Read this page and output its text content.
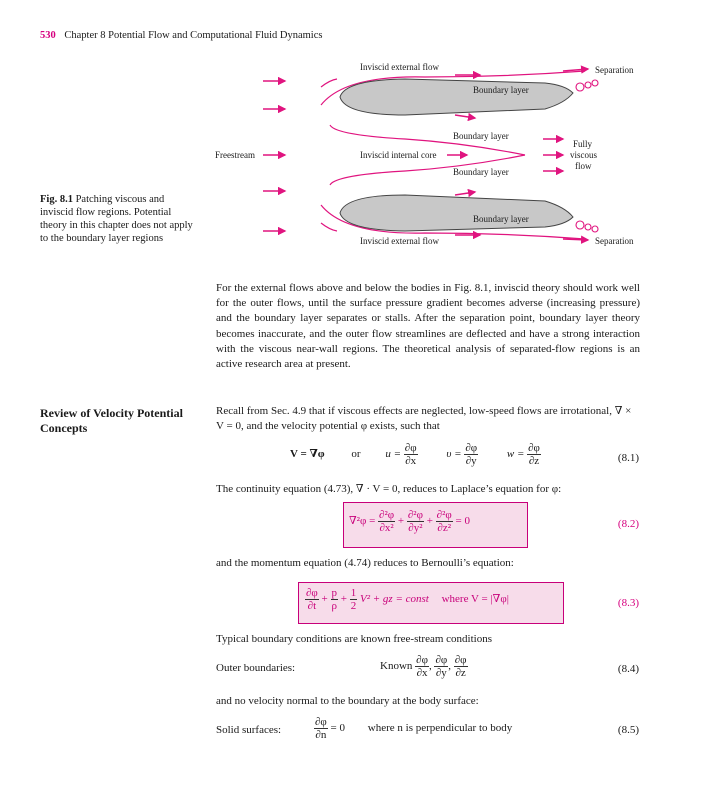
530 Chapter 8 Potential Flow and Computational Fluid Dynamics
Inviscid external flow	Separation
Boundary layer
Boundary layer
Freestream	Inviscid internal core
Fully
viscous
flow
Boundary layer
Boundary layer
Inviscid external flow	Separation
Fig. 8.1 Patching viscous and inviscid flow regions. Potential theory in this chapter does not apply to the boundary layer regions
For the external flows above and below the bodies in Fig. 8.1, inviscid theory should work well for the outer flows, until the surface pressure gradient becomes adverse (increasing pressure) and the boundary layer separates or stalls. After the separation point, boundary layer theory becomes inaccurate, and the outer flow streamlines are deflected and have a strong interaction with the viscous near-wall regions. The theoretical analysis of separated-flow regions is an active research area at present.
Review of Velocity Potential Concepts
Recall from Sec. 4.9 that if viscous effects are neglected, low-speed flows are irrotational, ∇ × V = 0, and the velocity potential φ exists, such that
V = ∇φ or $u = \frac{\partial\varphi}{\partial x}$	$\upsilon = \frac{\partial\varphi}{\partial y}$	$w = \frac{\partial\varphi}{\partial z}$	(8.1)
The continuity equation (4.73), ∇ · V = 0, reduces to Laplace’s equation for φ:
$\nabla^2\varphi = \frac{\text{∂²φ}}{\text{∂x²}} + \frac{\text{∂²φ}}{\text{∂y²}} + \frac{\text{∂²φ}}{\text{∂z²}} = 0$	(8.2)
and the momentum equation (4.74) reduces to Bernoulli’s equation:
$\frac{\partial\varphi}{\partial t} + \frac{p}{\rho} + \frac{1}{2} V^2$ + gz = const where V = |∇φ|	(8.3)
Typical boundary conditions are known free-stream conditions
Outer boundaries:	Known $\frac{\partial\varphi}{\partial x}$ , $\frac{\partial\varphi}{\partial y}$ , $\frac{\partial\varphi}{\partial z}$	(8.4)
and no velocity normal to the boundary at the body surface:
Solid surfaces:	$\frac{\partial\varphi}{\partial n} = 0$ where n is perpendicular to body	(8.5)
